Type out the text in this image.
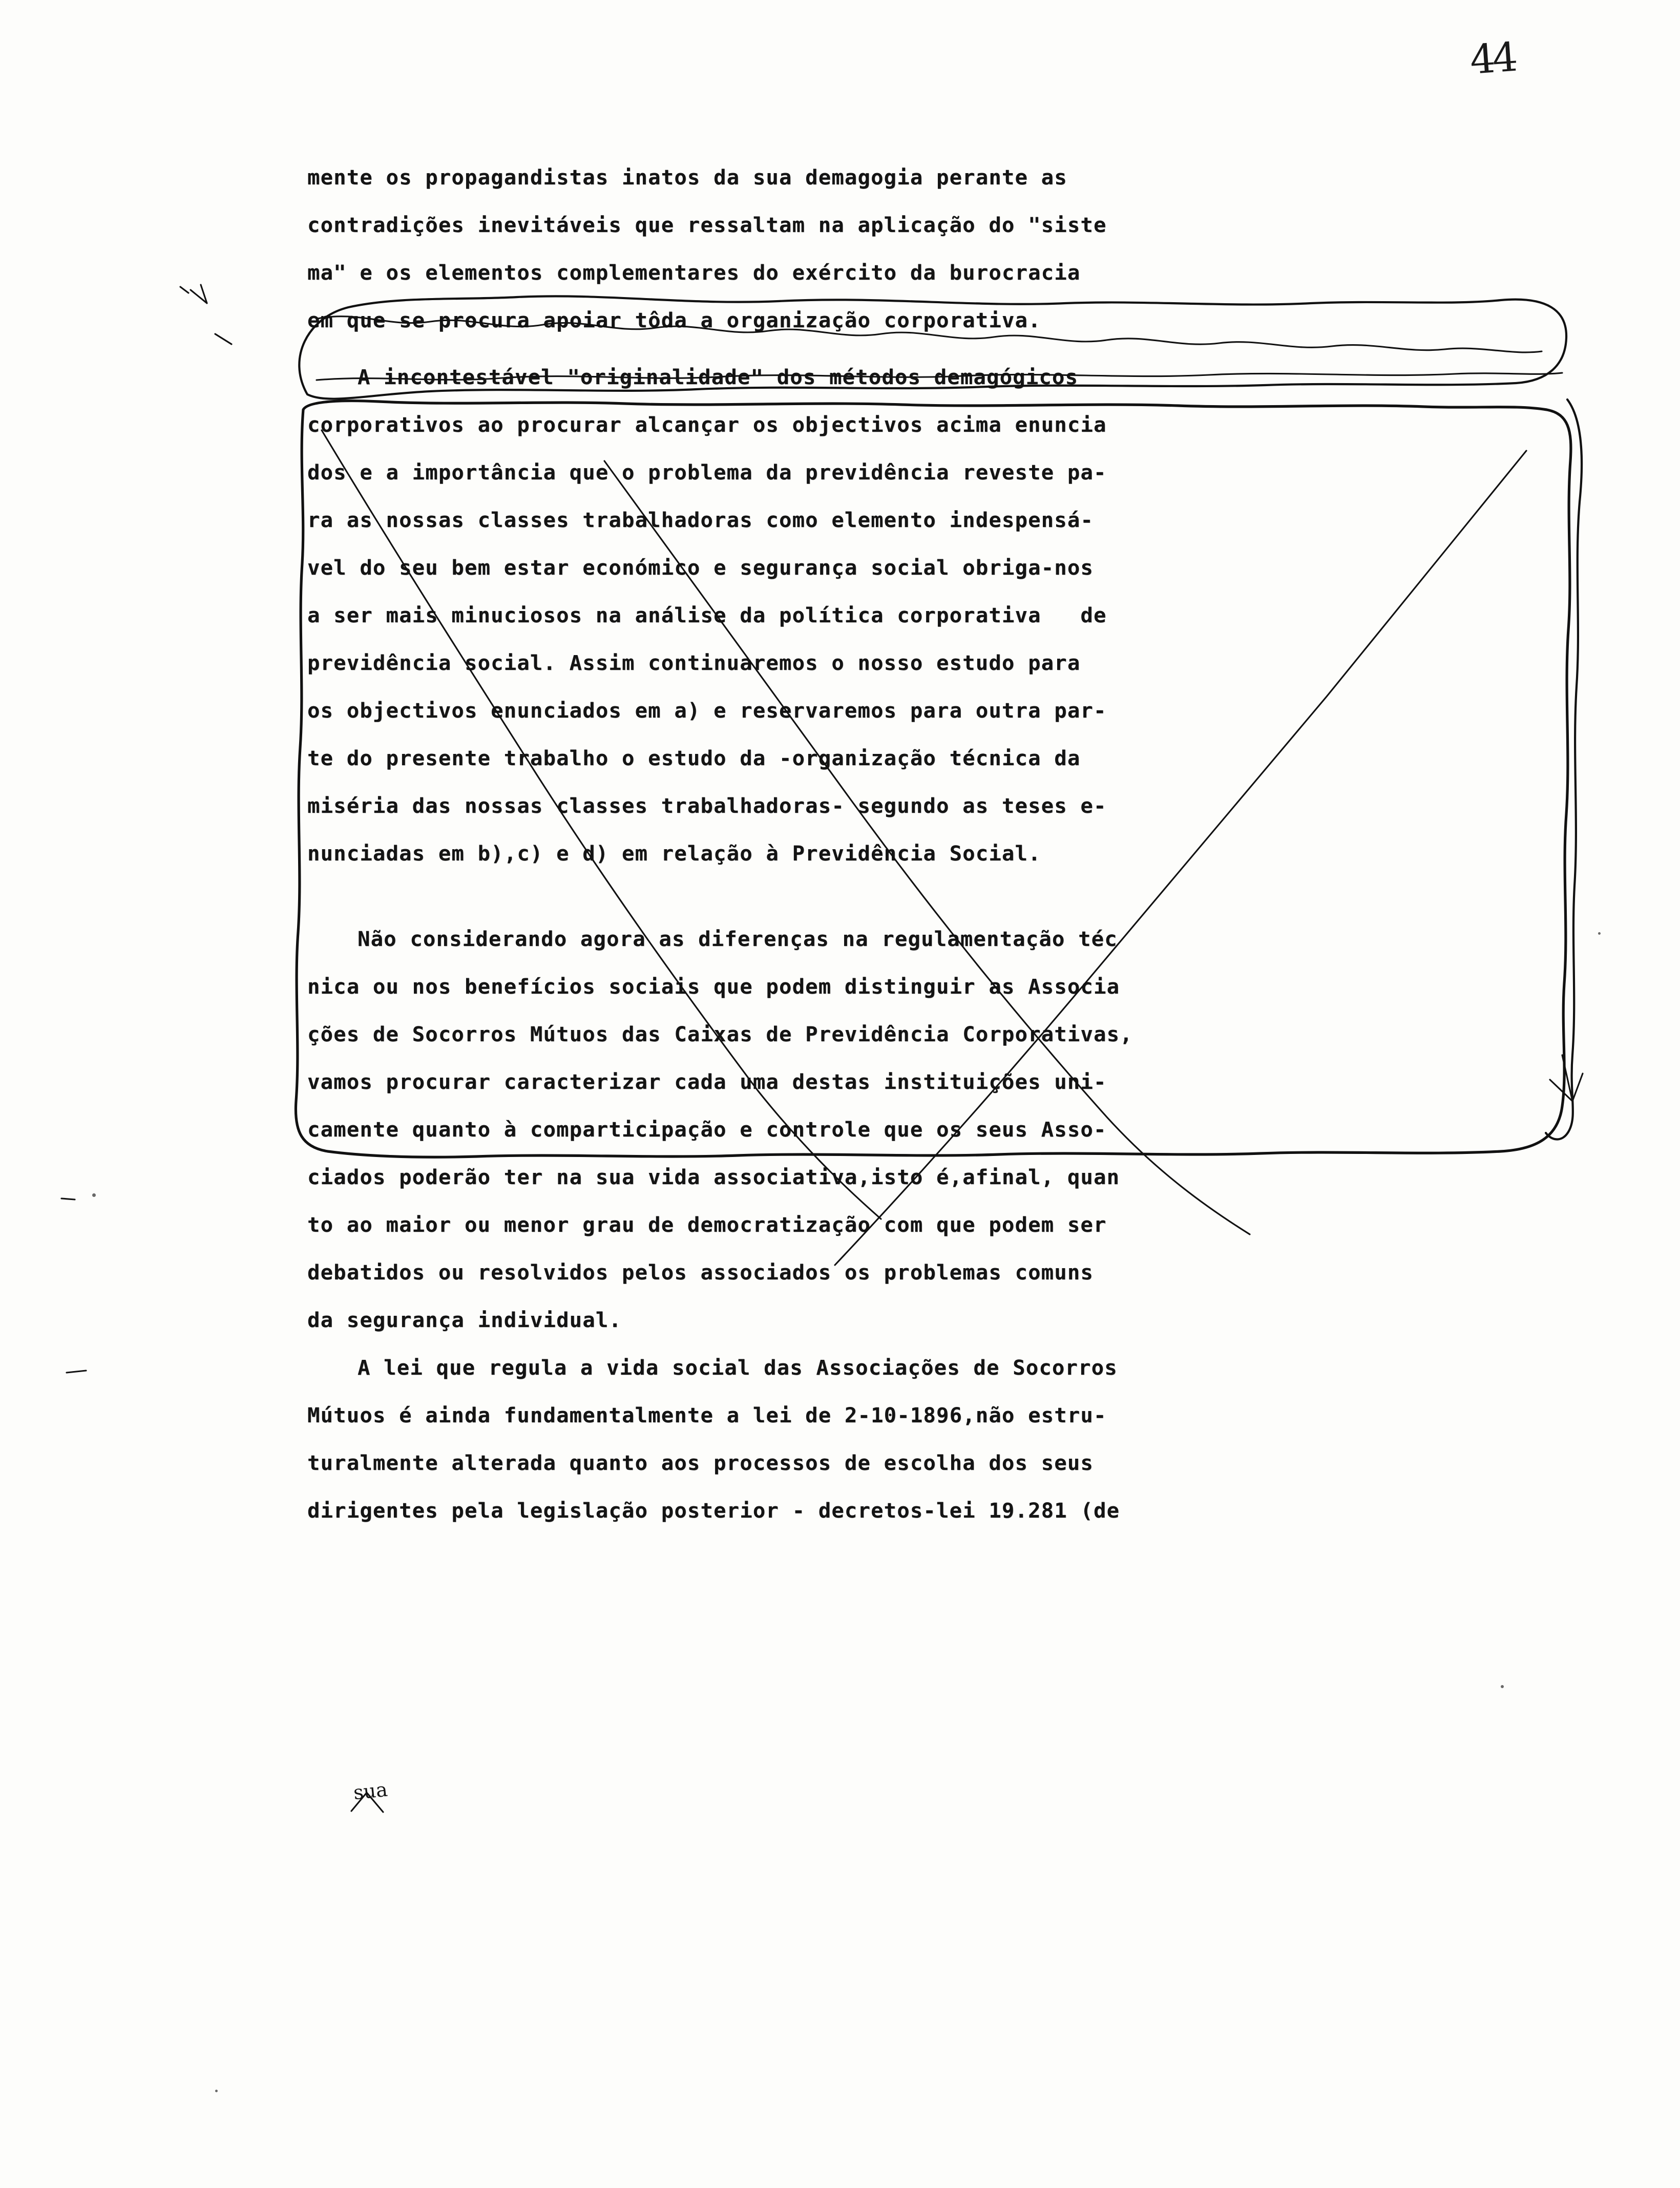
44
mente os propagandistas inatos da sua demagogia perante as
contradições inevitáveis que ressaltam na aplicação do "siste
ma" e os elementos complementares do exército da burocracia
em que se procura apoiar tôda a organização corporativa.
A incontestável "originalidade" dos métodos demagógicos
corporativos ao procurar alcançar os objectivos acima enuncia
dos e a importância que o problema da previdência reveste pa-
ra as nossas classes trabalhadoras como elemento indespensá-
vel do seu bem estar económico e segurança social obriga-nos
a ser mais minuciosos na análise da política corporativa   de
previdência social. Assim continuaremos o nosso estudo para
os objectivos enunciados em a) e reservaremos para outra par-
te do presente trabalho o estudo da -organização técnica da
miséria das nossas classes trabalhadoras- segundo as teses e-
nunciadas em b),c) e d) em relação à Previdência Social.
Não considerando agora as diferenças na regulamentação téc
nica ou nos benefícios sociais que podem distinguir as Associa
ções de Socorros Mútuos das Caixas de Previdência Corporativas,
vamos procurar caracterizar cada uma destas instituições uni-
camente quanto à comparticipação e controle que os seus Asso-
ciados poderão ter na sua vida associativa,isto é,afinal, quan
to ao maior ou menor grau de democratização com que podem ser
debatidos ou resolvidos pelos associados os problemas comuns
da segurança individual.
A lei que regula a vida social das Associações de Socorros
Mútuos é ainda fundamentalmente a lei de 2-10-1896,não estru-
turalmente alterada quanto aos processos de escolha dos seus
dirigentes pela legislação posterior - decretos-lei 19.281 (de
sua
